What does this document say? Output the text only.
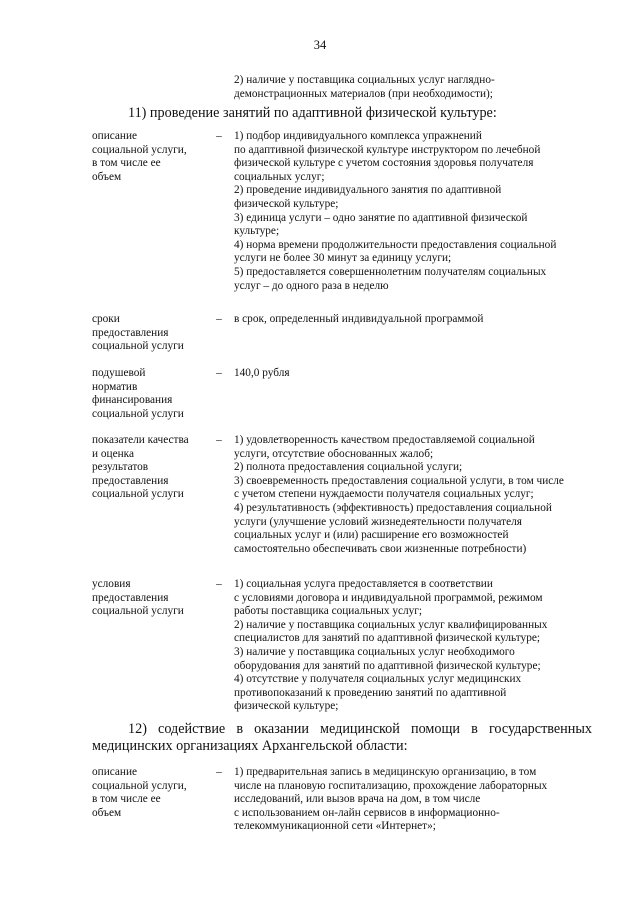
34
2) наличие у поставщика социальных услуг наглядно-
демонстрационных материалов (при необходимости);
11) проведение занятий по адаптивной физической культуре:
описание
социальной услуги,
в том числе ее
объем
– 1) подбор индивидуального комплекса упражнений
по адаптивной физической культуре инструктором по лечебной
физической культуре с учетом состояния здоровья получателя
социальных услуг;
2) проведение индивидуального занятия по адаптивной
физической культуре;
3) единица услуги – одно занятие по адаптивной физической
культуре;
4) норма времени продолжительности предоставления социальной
услуги не более 30 минут за единицу услуги;
5) предоставляется совершеннолетним получателям социальных
услуг – до одного раза в неделю
сроки
предоставления
социальной услуги
– в срок, определенный индивидуальной программой
подушевой
норматив
финансирования
социальной услуги
– 140,0 рубля
показатели качества
и оценка
результатов
предоставления
социальной услуги
– 1) удовлетворенность качеством предоставляемой социальной
услуги, отсутствие обоснованных жалоб;
2) полнота предоставления социальной услуги;
3) своевременность предоставления социальной услуги, в том числе
с учетом степени нуждаемости получателя социальных услуг;
4) результативность (эффективность) предоставления социальной
услуги (улучшение условий жизнедеятельности получателя
социальных услуг и (или) расширение его возможностей
самостоятельно обеспечивать свои жизненные потребности)
условия
предоставления
социальной услуги
– 1) социальная услуга предоставляется в соответствии
с условиями договора и индивидуальной программой, режимом
работы поставщика социальных услуг;
2) наличие у поставщика социальных услуг квалифицированных
специалистов для занятий по адаптивной физической культуре;
3) наличие у поставщика социальных услуг необходимого
оборудования для занятий по адаптивной физической культуре;
4) отсутствие у получателя социальных услуг медицинских
противопоказаний к проведению занятий по адаптивной
физической культуре;
12) содействие в оказании медицинской помощи в государственных медицинских организациях Архангельской области:
описание
социальной услуги,
в том числе ее
объем
– 1) предварительная запись в медицинскую организацию, в том
числе на плановую госпитализацию, прохождение лабораторных
исследований, или вызов врача на дом, в том числе
с использованием он-лайн сервисов в информационно-
телекоммуникационной сети «Интернет»;
